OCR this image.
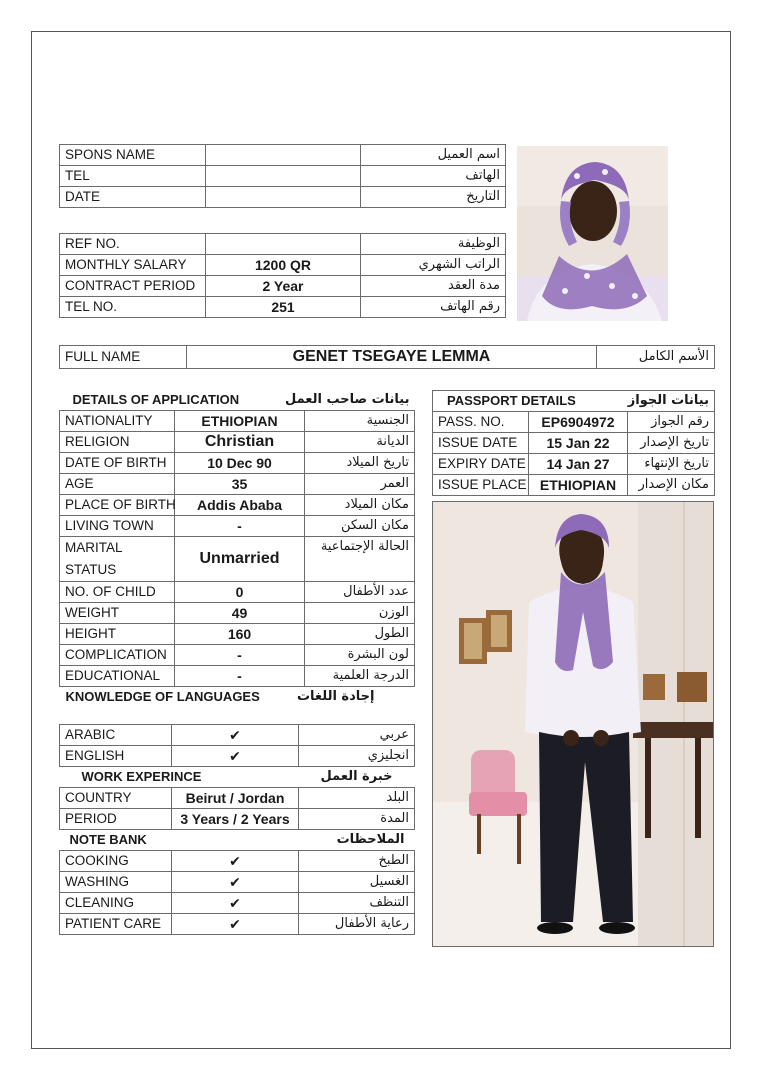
SPONS NAME		اسم العميل
TEL		الهاتف
DATE		التاريخ
REF NO.		الوظيفة
MONTHLY SALARY	1200 QR	الراتب الشهري
CONTRACT PERIOD	2 Year	مدة العقد
TEL NO.	251	رقم الهاتف
FULL NAME	GENET TSEGAYE LEMMA	الأسم الكامل
DETAILS OF APPLICATION		بيانات صاحب العمل
NATIONALITY	ETHIOPIAN	الجنسية
RELIGION	Christian	الديانة
DATE OF BIRTH	10 Dec 90	تاريخ الميلاد
AGE	35	العمر
PLACE OF BIRTH	Addis Ababa	مكان الميلاد
LIVING TOWN	-	مكان السكن
MARITAL
STATUS	Unmarried	الحالة الإجتماعية
NO. OF CHILD	0	عدد الأطفال
WEIGHT	49	الوزن
HEIGHT	160	الطول
COMPLICATION	-	لون البشرة
EDUCATIONAL	-	الدرجة العلمية
KNOWLEDGE OF LANGUAGES		إجادة اللغات
ARABIC	✔	عربي
ENGLISH	✔	انجليزي
WORK EXPERINCE		خبرة العمل
COUNTRY	Beirut / Jordan	البلد
PERIOD	3 Years / 2 Years	المدة
NOTE BANK		الملاحظات
COOKING	✔	الطبخ
WASHING	✔	الغسيل
CLEANING	✔	التنظف
PATIENT CARE	✔	رعاية الأطفال
PASSPORT DETAILS		بيانات الجواز
PASS. NO.	EP6904972	رقم الجواز
ISSUE DATE	15 Jan 22	تاريخ الإصدار
EXPIRY DATE	14 Jan 27	تاريخ الإنتهاء
ISSUE PLACE	ETHIOPIAN	مكان الإصدار
